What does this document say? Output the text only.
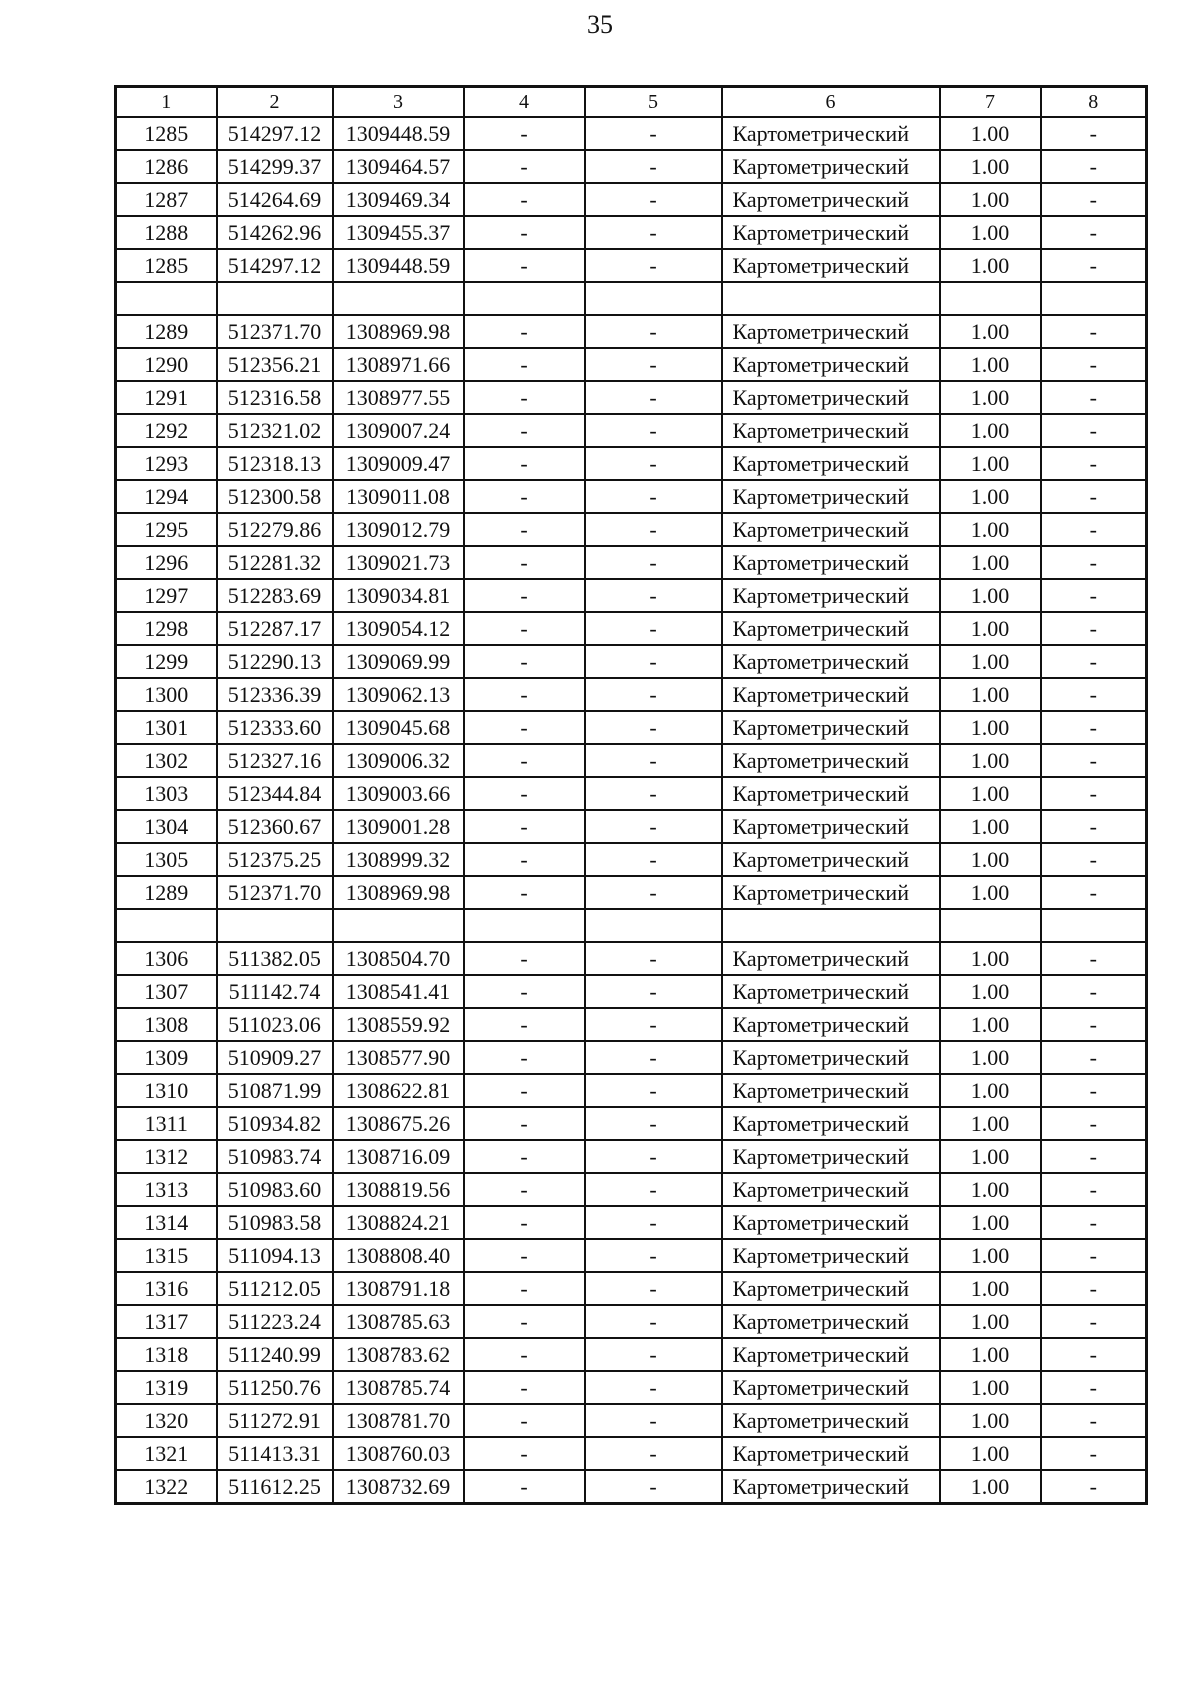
35
1	2	3	4	5	6	7	8
1285	514297.12	1309448.59	-	-	Картометрический	1.00	-
1286	514299.37	1309464.57	-	-	Картометрический	1.00	-
1287	514264.69	1309469.34	-	-	Картометрический	1.00	-
1288	514262.96	1309455.37	-	-	Картометрический	1.00	-
1285	514297.12	1309448.59	-	-	Картометрический	1.00	-

1289	512371.70	1308969.98	-	-	Картометрический	1.00	-
1290	512356.21	1308971.66	-	-	Картометрический	1.00	-
1291	512316.58	1308977.55	-	-	Картометрический	1.00	-
1292	512321.02	1309007.24	-	-	Картометрический	1.00	-
1293	512318.13	1309009.47	-	-	Картометрический	1.00	-
1294	512300.58	1309011.08	-	-	Картометрический	1.00	-
1295	512279.86	1309012.79	-	-	Картометрический	1.00	-
1296	512281.32	1309021.73	-	-	Картометрический	1.00	-
1297	512283.69	1309034.81	-	-	Картометрический	1.00	-
1298	512287.17	1309054.12	-	-	Картометрический	1.00	-
1299	512290.13	1309069.99	-	-	Картометрический	1.00	-
1300	512336.39	1309062.13	-	-	Картометрический	1.00	-
1301	512333.60	1309045.68	-	-	Картометрический	1.00	-
1302	512327.16	1309006.32	-	-	Картометрический	1.00	-
1303	512344.84	1309003.66	-	-	Картометрический	1.00	-
1304	512360.67	1309001.28	-	-	Картометрический	1.00	-
1305	512375.25	1308999.32	-	-	Картометрический	1.00	-
1289	512371.70	1308969.98	-	-	Картометрический	1.00	-

1306	511382.05	1308504.70	-	-	Картометрический	1.00	-
1307	511142.74	1308541.41	-	-	Картометрический	1.00	-
1308	511023.06	1308559.92	-	-	Картометрический	1.00	-
1309	510909.27	1308577.90	-	-	Картометрический	1.00	-
1310	510871.99	1308622.81	-	-	Картометрический	1.00	-
1311	510934.82	1308675.26	-	-	Картометрический	1.00	-
1312	510983.74	1308716.09	-	-	Картометрический	1.00	-
1313	510983.60	1308819.56	-	-	Картометрический	1.00	-
1314	510983.58	1308824.21	-	-	Картометрический	1.00	-
1315	511094.13	1308808.40	-	-	Картометрический	1.00	-
1316	511212.05	1308791.18	-	-	Картометрический	1.00	-
1317	511223.24	1308785.63	-	-	Картометрический	1.00	-
1318	511240.99	1308783.62	-	-	Картометрический	1.00	-
1319	511250.76	1308785.74	-	-	Картометрический	1.00	-
1320	511272.91	1308781.70	-	-	Картометрический	1.00	-
1321	511413.31	1308760.03	-	-	Картометрический	1.00	-
1322	511612.25	1308732.69	-	-	Картометрический	1.00	-
